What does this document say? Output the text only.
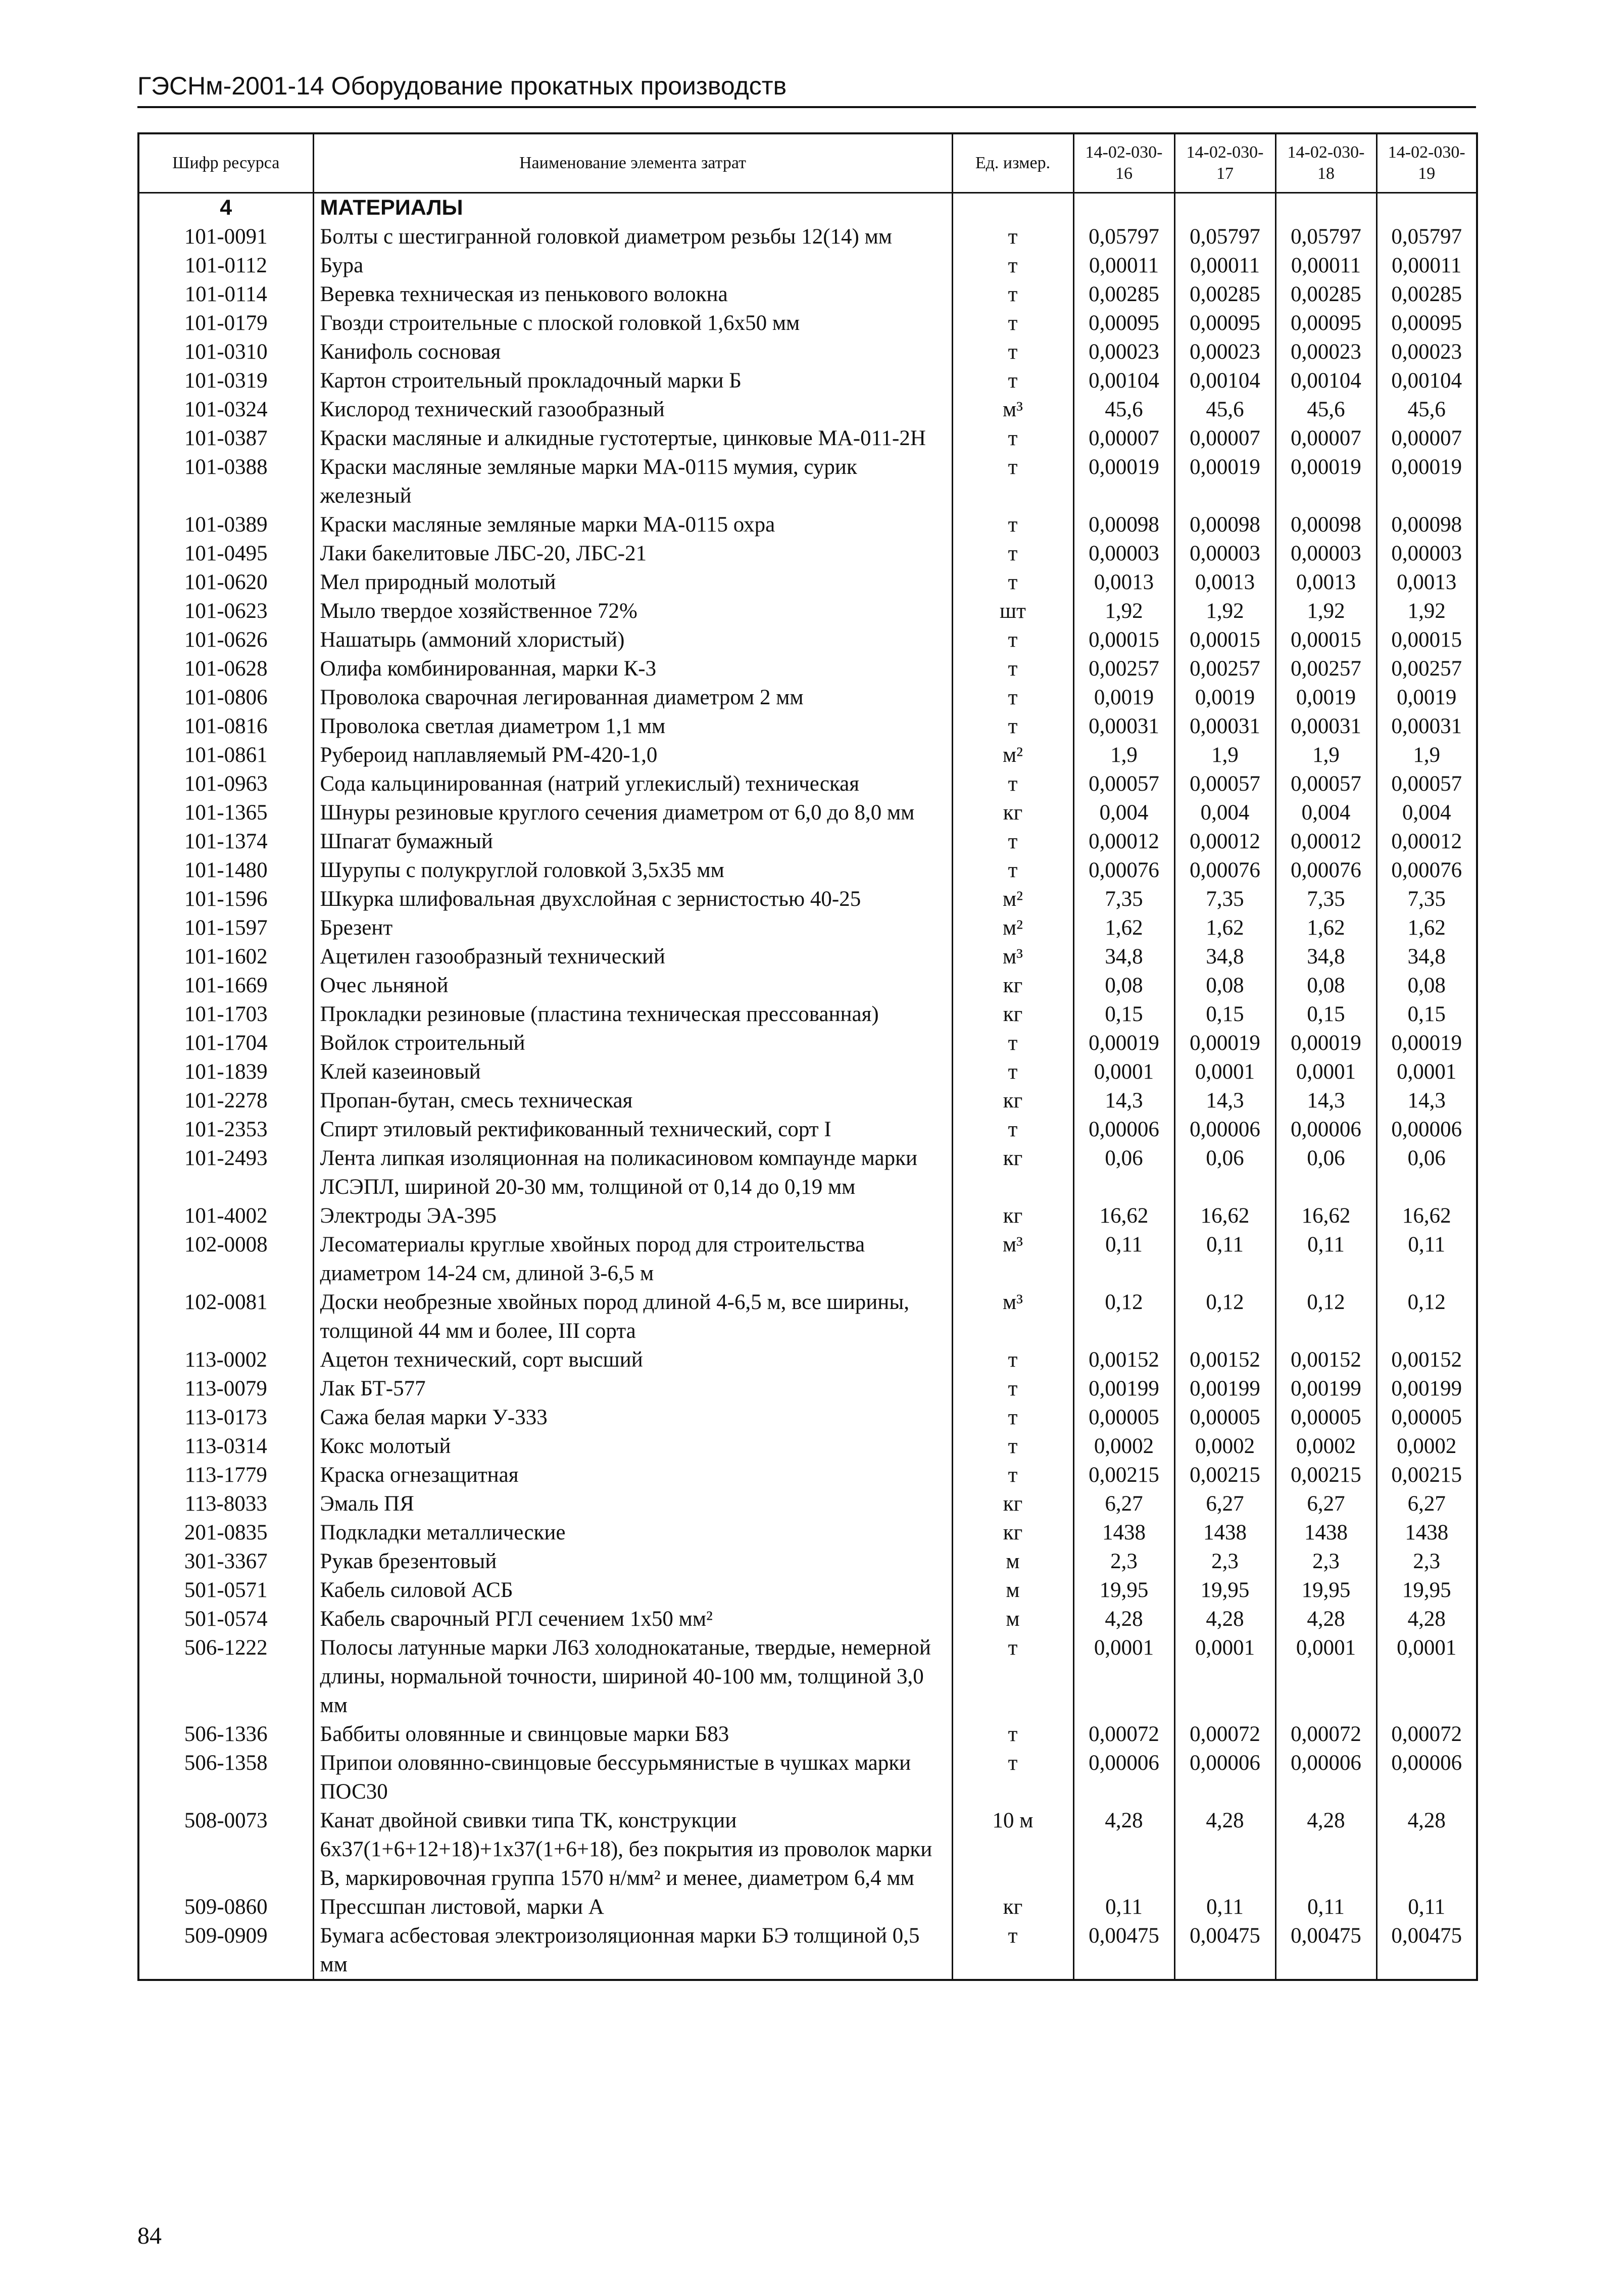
ГЭСНм-2001-14 Оборудование прокатных производств
Шифр ресурса	Наименование элемента затрат	Ед. измер.	14-02-030-16	14-02-030-17	14-02-030-18	14-02-030-19
4	МАТЕРИАЛЫ					
101-0091	Болты с шестигранной головкой диаметром резьбы 12(14) мм	т	0,05797	0,05797	0,05797	0,05797
101-0112	Бура	т	0,00011	0,00011	0,00011	0,00011
101-0114	Веревка техническая из пенькового волокна	т	0,00285	0,00285	0,00285	0,00285
101-0179	Гвозди строительные с плоской головкой 1,6x50 мм	т	0,00095	0,00095	0,00095	0,00095
101-0310	Канифоль сосновая	т	0,00023	0,00023	0,00023	0,00023
101-0319	Картон строительный прокладочный марки Б	т	0,00104	0,00104	0,00104	0,00104
101-0324	Кислород технический газообразный	м³	45,6	45,6	45,6	45,6
101-0387	Краски масляные и алкидные густотертые, цинковые МА-011-2Н	т	0,00007	0,00007	0,00007	0,00007
101-0388	Краски масляные земляные марки МА-0115 мумия, сурик железный	т	0,00019	0,00019	0,00019	0,00019
101-0389	Краски масляные земляные марки МА-0115 охра	т	0,00098	0,00098	0,00098	0,00098
101-0495	Лаки бакелитовые ЛБС-20, ЛБС-21	т	0,00003	0,00003	0,00003	0,00003
101-0620	Мел природный молотый	т	0,0013	0,0013	0,0013	0,0013
101-0623	Мыло твердое хозяйственное 72%	шт	1,92	1,92	1,92	1,92
101-0626	Нашатырь (аммоний хлористый)	т	0,00015	0,00015	0,00015	0,00015
101-0628	Олифа комбинированная, марки К-3	т	0,00257	0,00257	0,00257	0,00257
101-0806	Проволока сварочная легированная диаметром 2 мм	т	0,0019	0,0019	0,0019	0,0019
101-0816	Проволока светлая диаметром 1,1 мм	т	0,00031	0,00031	0,00031	0,00031
101-0861	Рубероид наплавляемый РМ-420-1,0	м²	1,9	1,9	1,9	1,9
101-0963	Сода кальцинированная (натрий углекислый) техническая	т	0,00057	0,00057	0,00057	0,00057
101-1365	Шнуры резиновые круглого сечения диаметром от 6,0 до 8,0 мм	кг	0,004	0,004	0,004	0,004
101-1374	Шпагат бумажный	т	0,00012	0,00012	0,00012	0,00012
101-1480	Шурупы с полукруглой головкой 3,5x35 мм	т	0,00076	0,00076	0,00076	0,00076
101-1596	Шкурка шлифовальная двухслойная с зернистостью 40-25	м²	7,35	7,35	7,35	7,35
101-1597	Брезент	м²	1,62	1,62	1,62	1,62
101-1602	Ацетилен газообразный технический	м³	34,8	34,8	34,8	34,8
101-1669	Очес льняной	кг	0,08	0,08	0,08	0,08
101-1703	Прокладки резиновые (пластина техническая прессованная)	кг	0,15	0,15	0,15	0,15
101-1704	Войлок строительный	т	0,00019	0,00019	0,00019	0,00019
101-1839	Клей казеиновый	т	0,0001	0,0001	0,0001	0,0001
101-2278	Пропан-бутан, смесь техническая	кг	14,3	14,3	14,3	14,3
101-2353	Спирт этиловый ректификованный технический, сорт I	т	0,00006	0,00006	0,00006	0,00006
101-2493	Лента липкая изоляционная на поликасиновом компаунде марки ЛСЭПЛ, шириной 20-30 мм, толщиной от 0,14 до 0,19 мм	кг	0,06	0,06	0,06	0,06
101-4002	Электроды ЭА-395	кг	16,62	16,62	16,62	16,62
102-0008	Лесоматериалы круглые хвойных пород для строительства диаметром 14-24 см, длиной 3-6,5 м	м³	0,11	0,11	0,11	0,11
102-0081	Доски необрезные хвойных пород длиной 4-6,5 м, все ширины, толщиной 44 мм и более, III сорта	м³	0,12	0,12	0,12	0,12
113-0002	Ацетон технический, сорт высший	т	0,00152	0,00152	0,00152	0,00152
113-0079	Лак БТ-577	т	0,00199	0,00199	0,00199	0,00199
113-0173	Сажа белая марки У-333	т	0,00005	0,00005	0,00005	0,00005
113-0314	Кокс молотый	т	0,0002	0,0002	0,0002	0,0002
113-1779	Краска огнезащитная	т	0,00215	0,00215	0,00215	0,00215
113-8033	Эмаль ПЯ	кг	6,27	6,27	6,27	6,27
201-0835	Подкладки металлические	кг	1438	1438	1438	1438
301-3367	Рукав брезентовый	м	2,3	2,3	2,3	2,3
501-0571	Кабель силовой АСБ	м	19,95	19,95	19,95	19,95
501-0574	Кабель сварочный РГЛ сечением 1x50 мм²	м	4,28	4,28	4,28	4,28
506-1222	Полосы латунные марки Л63 холоднокатаные, твердые, немерной длины, нормальной точности, шириной 40-100 мм, толщиной 3,0 мм	т	0,0001	0,0001	0,0001	0,0001
506-1336	Баббиты оловянные и свинцовые марки Б83	т	0,00072	0,00072	0,00072	0,00072
506-1358	Припои оловянно-свинцовые бессурьмянистые в чушках марки ПОС30	т	0,00006	0,00006	0,00006	0,00006
508-0073	Канат двойной свивки типа ТК, конструкции 6x37(1+6+12+18)+1x37(1+6+18), без покрытия из проволок марки В, маркировочная группа 1570 н/мм² и менее, диаметром 6,4 мм	10 м	4,28	4,28	4,28	4,28
509-0860	Прессшпан листовой, марки А	кг	0,11	0,11	0,11	0,11
509-0909	Бумага асбестовая электроизоляционная марки БЭ толщиной 0,5 мм	т	0,00475	0,00475	0,00475	0,00475
84
